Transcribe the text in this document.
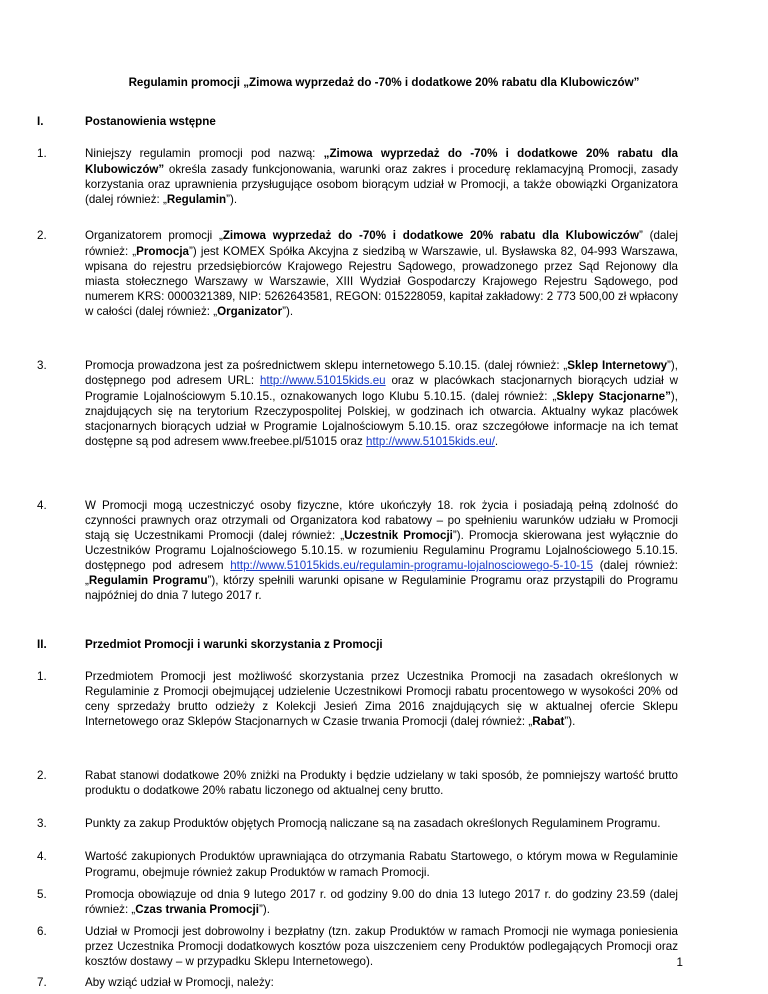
Regulamin promocji „Zimowa wyprzedaż do -70% i dodatkowe 20% rabatu dla Klubowiczów”
I.	Postanowienia wstępne
1.	Niniejszy regulamin promocji pod nazwą: „Zimowa wyprzedaż do -70% i dodatkowe 20% rabatu dla Klubowiczów” określa zasady funkcjonowania, warunki oraz zakres i procedurę reklamacyjną Promocji, zasady korzystania oraz uprawnienia przysługujące osobom biorącym udział w Promocji, a także obowiązki Organizatora (dalej również: „Regulamin”).
2.	Organizatorem promocji „Zimowa wyprzedaż do -70% i dodatkowe 20% rabatu dla Klubowiczów” (dalej również: „Promocja”) jest KOMEX Spółka Akcyjna z siedzibą w Warszawie, ul. Bysławska 82, 04-993 Warszawa, wpisana do rejestru przedsiębiorców Krajowego Rejestru Sądowego, prowadzonego przez Sąd Rejonowy dla miasta stołecznego Warszawy w Warszawie, XIII Wydział Gospodarczy Krajowego Rejestru Sądowego, pod numerem KRS: 0000321389, NIP: 5262643581, REGON: 015228059, kapitał zakładowy: 2 773 500,00 zł wpłacony w całości (dalej również: „Organizator”).
3.	Promocja prowadzona jest za pośrednictwem sklepu internetowego 5.10.15. (dalej również: „Sklep Internetowy”), dostępnego pod adresem URL: http://www.51015kids.eu oraz w placówkach stacjonarnych biorących udział w Programie Lojalnościowym 5.10.15., oznakowanych logo Klubu 5.10.15. (dalej również: „Sklepy Stacjonarne”), znajdujących się na terytorium Rzeczypospolitej Polskiej, w godzinach ich otwarcia. Aktualny wykaz placówek stacjonarnych biorących udział w Programie Lojalnościowym 5.10.15. oraz szczegółowe informacje na ich temat dostępne są pod adresem www.freebee.pl/51015 oraz http://www.51015kids.eu/.
4.	W Promocji mogą uczestniczyć osoby fizyczne, które ukończyły 18. rok życia i posiadają pełną zdolność do czynności prawnych oraz otrzymali od Organizatora kod rabatowy – po spełnieniu warunków udziału w Promocji stają się Uczestnikami Promocji (dalej również: „Uczestnik Promocji”). Promocja skierowana jest wyłącznie do Uczestników Programu Lojalnościowego 5.10.15. w rozumieniu Regulaminu Programu Lojalnościowego 5.10.15. dostępnego pod adresem http://www.51015kids.eu/regulamin-programu-lojalnosciowego-5-10-15 (dalej również: „Regulamin Programu”), którzy spełnili warunki opisane w Regulaminie Programu oraz przystąpili do Programu najpóźniej do dnia 7 lutego 2017 r.
II.	Przedmiot Promocji i warunki skorzystania z Promocji
1.	Przedmiotem Promocji jest możliwość skorzystania przez Uczestnika Promocji na zasadach określonych w Regulaminie z Promocji obejmującej udzielenie Uczestnikowi Promocji rabatu procentowego w wysokości 20% od ceny sprzedaży brutto odzieży z Kolekcji Jesień Zima 2016 znajdujących się w aktualnej ofercie Sklepu Internetowego oraz Sklepów Stacjonarnych w Czasie trwania Promocji (dalej również: „Rabat”).
2.	Rabat stanowi dodatkowe 20% zniżki na Produkty i będzie udzielany w taki sposób, że pomniejszy wartość brutto produktu o dodatkowe 20% rabatu liczonego od aktualnej ceny brutto.
3.	Punkty za zakup Produktów objętych Promocją naliczane są na zasadach określonych Regulaminem Programu.
4.	Wartość zakupionych Produktów uprawniająca do otrzymania Rabatu Startowego, o którym mowa w Regulaminie Programu, obejmuje również zakup Produktów w ramach Promocji.
5.	Promocja obowiązuje od dnia 9 lutego 2017 r. od godziny 9.00 do dnia 13 lutego 2017 r. do godziny 23.59 (dalej również: „Czas trwania Promocji”).
6.	Udział w Promocji jest dobrowolny i bezpłatny (tzn. zakup Produktów w ramach Promocji nie wymaga poniesienia przez Uczestnika Promocji dodatkowych kosztów poza uiszczeniem ceny Produktów podlegających Promocji oraz kosztów dostawy – w przypadku Sklepu Internetowego).
7.	Aby wziąć udział w Promocji, należy:
1
